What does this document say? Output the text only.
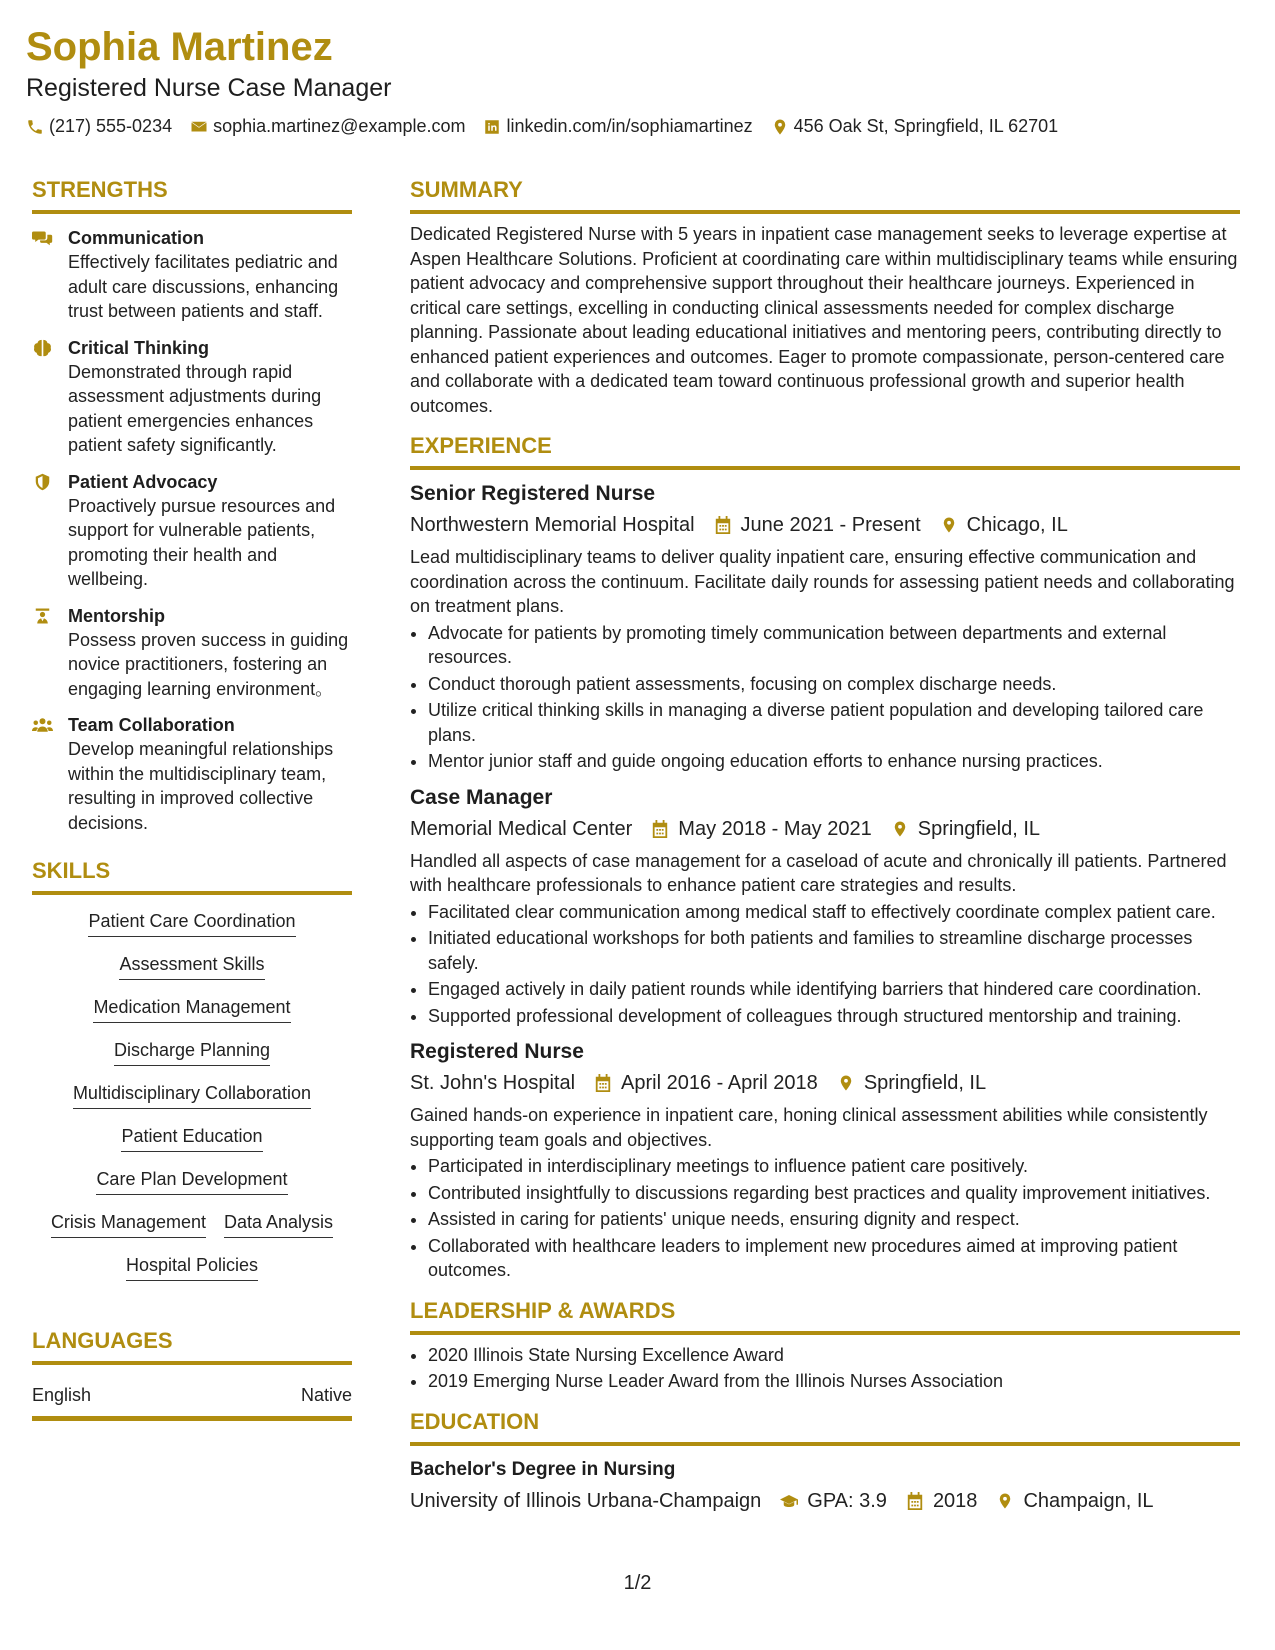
Sophia Martinez
Registered Nurse Case Manager
(217) 555-0234 sophia.martinez@example.com linkedin.com/in/sophiamartinez 456 Oak St, Springfield, IL 62701
STRENGTHS
Communication
Effectively facilitates pediatric and adult care discussions, enhancing trust between patients and staff.
Critical Thinking
Demonstrated through rapid assessment adjustments during patient emergencies enhances patient safety significantly.
Patient Advocacy
Proactively pursue resources and support for vulnerable patients, promoting their health and wellbeing.
Mentorship
Possess proven success in guiding novice practitioners, fostering an engaging learning environment。
Team Collaboration
Develop meaningful relationships within the multidisciplinary team, resulting in improved collective decisions.
SKILLS
Patient Care Coordination
Assessment Skills
Medication Management
Discharge Planning
Multidisciplinary Collaboration
Patient Education
Care Plan Development
Crisis Management Data Analysis
Hospital Policies
LANGUAGES
English	Native
SUMMARY
Dedicated Registered Nurse with 5 years in inpatient case management seeks to leverage expertise at Aspen Healthcare Solutions. Proficient at coordinating care within multidisciplinary teams while ensuring patient advocacy and comprehensive support throughout their healthcare journeys. Experienced in critical care settings, excelling in conducting clinical assessments needed for complex discharge planning. Passionate about leading educational initiatives and mentoring peers, contributing directly to enhanced patient experiences and outcomes. Eager to promote compassionate, person-centered care and collaborate with a dedicated team toward continuous professional growth and superior health outcomes.
EXPERIENCE
Senior Registered Nurse
Northwestern Memorial Hospital June 2021 - Present Chicago, IL
Lead multidisciplinary teams to deliver quality inpatient care, ensuring effective communication and coordination across the continuum. Facilitate daily rounds for assessing patient needs and collaborating on treatment plans.
• Advocate for patients by promoting timely communication between departments and external resources.
• Conduct thorough patient assessments, focusing on complex discharge needs.
• Utilize critical thinking skills in managing a diverse patient population and developing tailored care plans.
• Mentor junior staff and guide ongoing education efforts to enhance nursing practices.
Case Manager
Memorial Medical Center May 2018 - May 2021 Springfield, IL
Handled all aspects of case management for a caseload of acute and chronically ill patients. Partnered with healthcare professionals to enhance patient care strategies and results.
• Facilitated clear communication among medical staff to effectively coordinate complex patient care.
• Initiated educational workshops for both patients and families to streamline discharge processes safely.
• Engaged actively in daily patient rounds while identifying barriers that hindered care coordination.
• Supported professional development of colleagues through structured mentorship and training.
Registered Nurse
St. John's Hospital April 2016 - April 2018 Springfield, IL
Gained hands-on experience in inpatient care, honing clinical assessment abilities while consistently supporting team goals and objectives.
• Participated in interdisciplinary meetings to influence patient care positively.
• Contributed insightfully to discussions regarding best practices and quality improvement initiatives.
• Assisted in caring for patients' unique needs, ensuring dignity and respect.
• Collaborated with healthcare leaders to implement new procedures aimed at improving patient outcomes.
LEADERSHIP & AWARDS
• 2020 Illinois State Nursing Excellence Award
• 2019 Emerging Nurse Leader Award from the Illinois Nurses Association
EDUCATION
Bachelor's Degree in Nursing
University of Illinois Urbana-Champaign GPA: 3.9 2018 Champaign, IL
1/2
